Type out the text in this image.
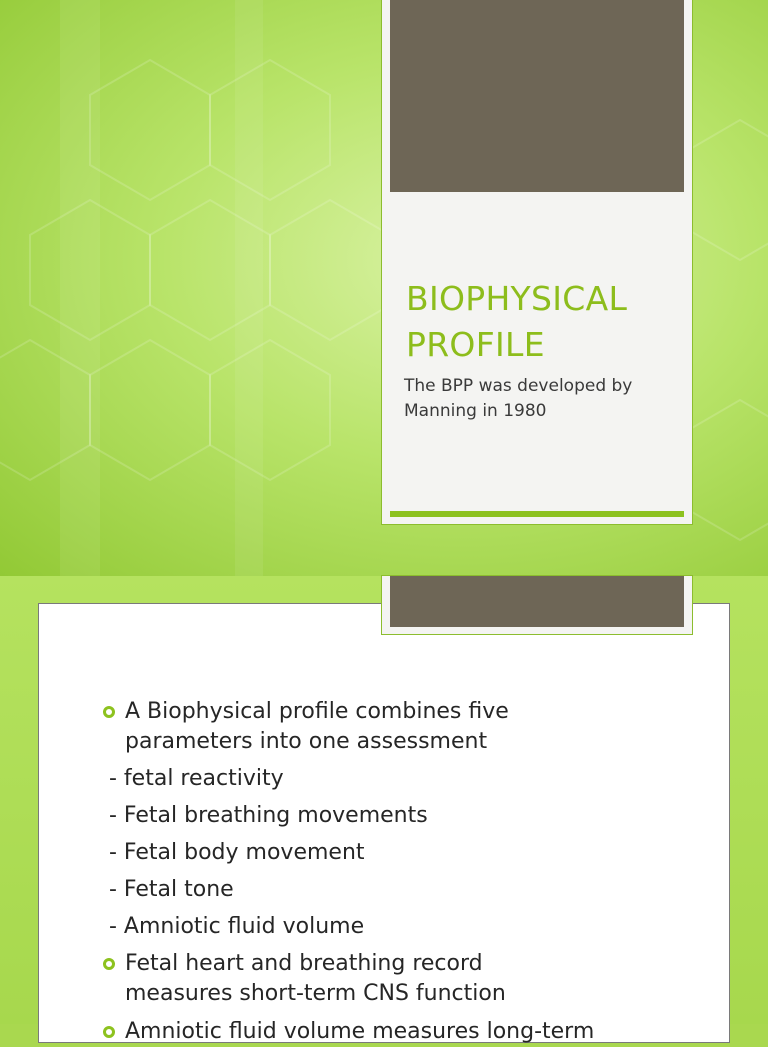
BIOPHYSICAL
PROFILE
The BPP was developed by
Manning in 1980
A Biophysical profile combines five
parameters into one assessment
- fetal reactivity
- Fetal breathing movements
- Fetal body movement
- Fetal tone
- Amniotic fluid volume
Fetal heart and breathing record
measures short-term CNS function
Amniotic fluid volume measures long-term
